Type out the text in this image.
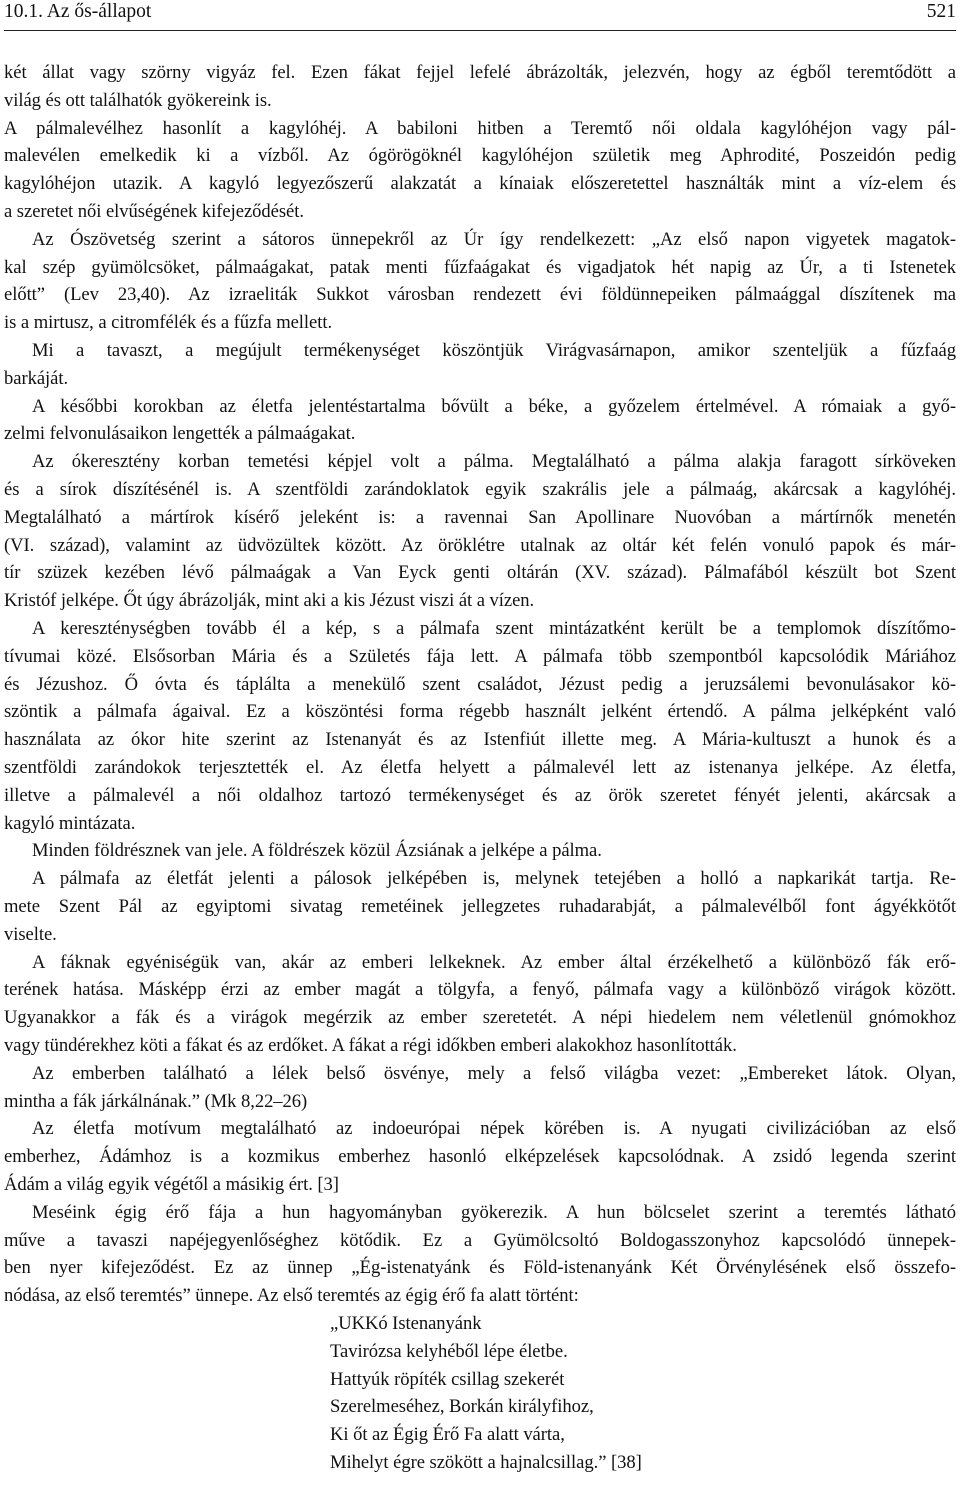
10.1. Az ős-állapot	521
két állat vagy szörny vigyáz fel. Ezen fákat fejjel lefelé ábrázolták, jelezvén, hogy az égből teremtődött a
világ és ott találhatók gyökereink is.
A pálmalevélhez hasonlít a kagylóhéj. A babiloni hitben a Teremtő női oldala kagylóhéjon vagy pál-
malevélen emelkedik ki a vízből. Az ógörögöknél kagylóhéjon születik meg Aphrodité, Poszeidón pedig
kagylóhéjon utazik. A kagyló legyezőszerű alakzatát a kínaiak előszeretettel használták mint a víz-elem és
a szeretet női elvűségének kifejeződését.
Az Ószövetség szerint a sátoros ünnepekről az Úr így rendelkezett: „Az első napon vigyetek magatok-
kal szép gyümölcsöket, pálmaágakat, patak menti fűzfaágakat és vigadjatok hét napig az Úr, a ti Istenetek
előtt” (Lev 23,40). Az izraeliták Sukkot városban rendezett évi földünnepeiken pálmaággal díszítenek ma
is a mirtusz, a citromfélék és a fűzfa mellett.
Mi a tavaszt, a megújult termékenységet köszöntjük Virágvasárnapon, amikor szenteljük a fűzfaág
barkáját.
A későbbi korokban az életfa jelentéstartalma bővült a béke, a győzelem értelmével. A rómaiak a győ-
zelmi felvonulásaikon lengették a pálmaágakat.
Az ókeresztény korban temetési képjel volt a pálma. Megtalálható a pálma alakja faragott sírköveken
és a sírok díszítésénél is. A szentföldi zarándoklatok egyik szakrális jele a pálmaág, akárcsak a kagylóhéj.
Megtalálható a mártírok kísérő jeleként is: a ravennai San Apollinare Nuovóban a mártírnők menetén
(VI. század), valamint az üdvözültek között. Az öröklétre utalnak az oltár két felén vonuló papok és már-
tír szüzek kezében lévő pálmaágak a Van Eyck genti oltárán (XV. század). Pálmafából készült bot Szent
Kristóf jelképe. Őt úgy ábrázolják, mint aki a kis Jézust viszi át a vízen.
A kereszténységben tovább él a kép, s a pálmafa szent mintázatként került be a templomok díszítőmo-
tívumai közé. Elsősorban Mária és a Születés fája lett. A pálmafa több szempontból kapcsolódik Máriához
és Jézushoz. Ő óvta és táplálta a menekülő szent családot, Jézust pedig a jeruzsálemi bevonulásakor kö-
szöntik a pálmafa ágaival. Ez a köszöntési forma régebb használt jelként értendő. A pálma jelképként való
használata az ókor hite szerint az Istenanyát és az Istenfiút illette meg. A Mária-kultuszt a hunok és a
szentföldi zarándokok terjesztették el. Az életfa helyett a pálmalevél lett az istenanya jelképe. Az életfa,
illetve a pálmalevél a női oldalhoz tartozó termékenységet és az örök szeretet fényét jelenti, akárcsak a
kagyló mintázata.
Minden földrésznek van jele. A földrészek közül Ázsiának a jelképe a pálma.
A pálmafa az életfát jelenti a pálosok jelképében is, melynek tetejében a holló a napkarikát tartja. Re-
mete Szent Pál az egyiptomi sivatag remetéinek jellegzetes ruhadarabját, a pálmalevélből font ágyékkötőt
viselte.
A fáknak egyéniségük van, akár az emberi lelkeknek. Az ember által érzékelhető a különböző fák erő-
terének hatása. Másképp érzi az ember magát a tölgyfa, a fenyő, pálmafa vagy a különböző virágok között.
Ugyanakkor a fák és a virágok megérzik az ember szeretetét. A népi hiedelem nem véletlenül gnómokhoz
vagy tündérekhez köti a fákat és az erdőket. A fákat a régi időkben emberi alakokhoz hasonlították.
Az emberben található a lélek belső ösvénye, mely a felső világba vezet: „Embereket látok. Olyan,
mintha a fák járkálnának.” (Mk 8,22–26)
Az életfa motívum megtalálható az indoeurópai népek körében is. A nyugati civilizációban az első
emberhez, Ádámhoz is a kozmikus emberhez hasonló elképzelések kapcsolódnak. A zsidó legenda szerint
Ádám a világ egyik végétől a másikig ért. [3]
Meséink égig érő fája a hun hagyományban gyökerezik. A hun bölcselet szerint a teremtés látható
műve a tavaszi napéjegyenlőséghez kötődik. Ez a Gyümölcsoltó Boldogasszonyhoz kapcsolódó ünnepek-
ben nyer kifejeződést. Ez az ünnep „Ég-istenatyánk és Föld-istenanyánk Két Örvénylésének első összefo-
nódása, az első teremtés” ünnepe. Az első teremtés az égig érő fa alatt történt:
„UKKó Istenanyánk
Tavirózsa kelyhéből lépe életbe.
Hattyúk röpíték csillag szekerét
Szerelmeséhez, Borkán királyfihoz,
Ki őt az Égig Érő Fa alatt várta,
Mihelyt égre szökött a hajnalcsillag.” [38]
